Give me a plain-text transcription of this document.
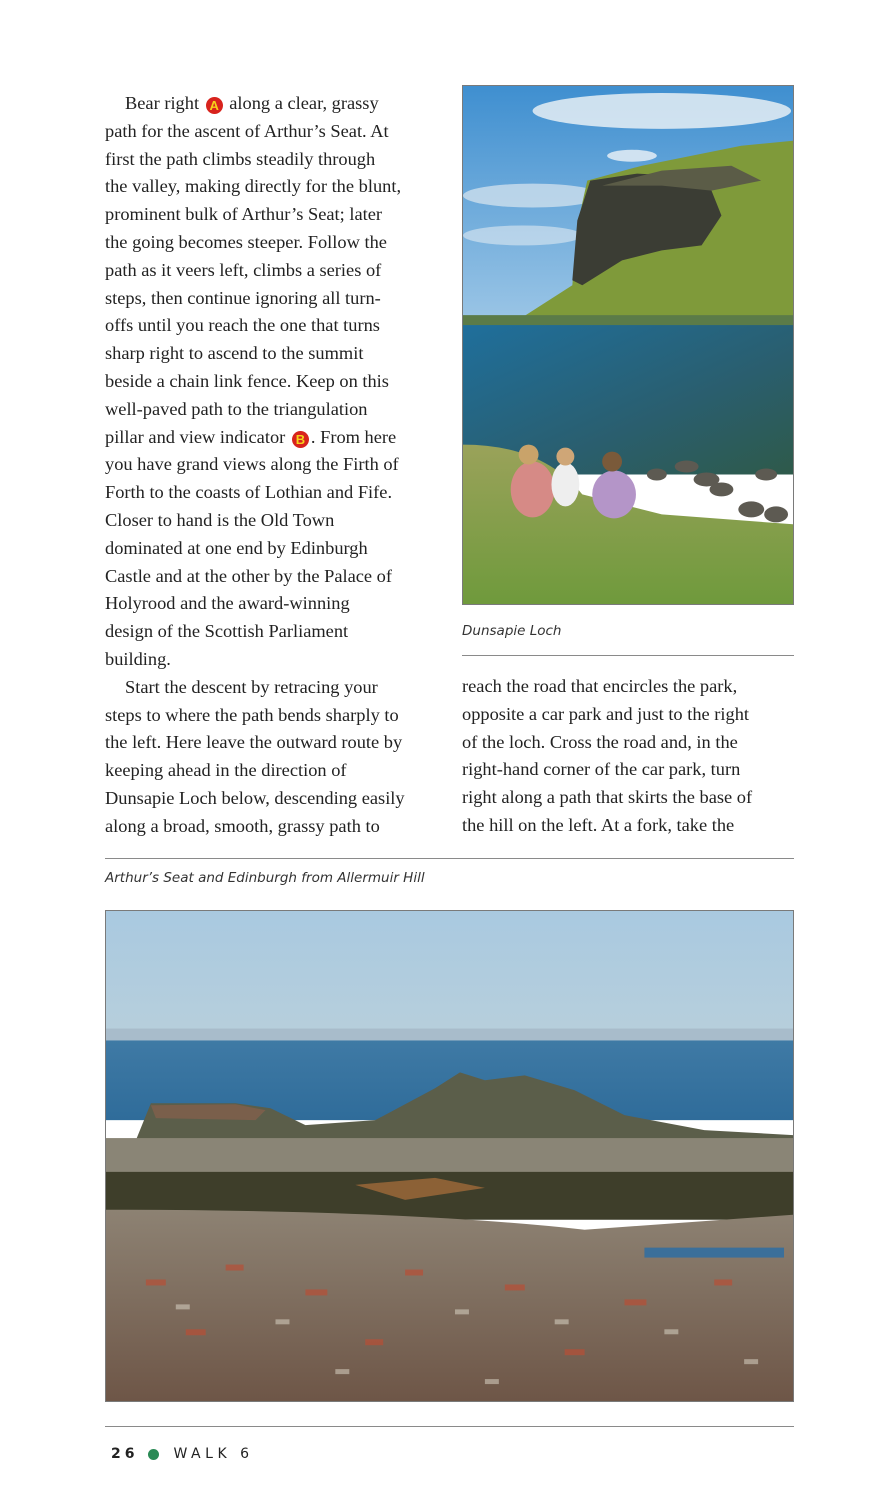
Bear right A along a clear, grassy
path for the ascent of Arthur’s Seat. At
first the path climbs steadily through
the valley, making directly for the blunt,
prominent bulk of Arthur’s Seat; later
the going becomes steeper. Follow the
path as it veers left, climbs a series of
steps, then continue ignoring all turn-
offs until you reach the one that turns
sharp right to ascend to the summit
beside a chain link fence. Keep on this
well-paved path to the triangulation
pillar and view indicator B . From here
you have grand views along the Firth of
Forth to the coasts of Lothian and Fife.
Closer to hand is the Old Town
dominated at one end by Edinburgh
Castle and at the other by the Palace of
Holyrood and the award-winning
design of the Scottish Parliament
building.

Start the descent by retracing your
steps to where the path bends sharply to
the left. Here leave the outward route by
keeping ahead in the direction of
Dunsapie Loch below, descending easily
along a broad, smooth, grassy path to

Dunsapie Loch

reach the road that encircles the park,
opposite a car park and just to the right
of the loch. Cross the road and, in the
right-hand corner of the car park, turn
right along a path that skirts the base of
the hill on the left. At a fork, take the

Arthur’s Seat and Edinburgh from Allermuir Hill
26	WALK 6
